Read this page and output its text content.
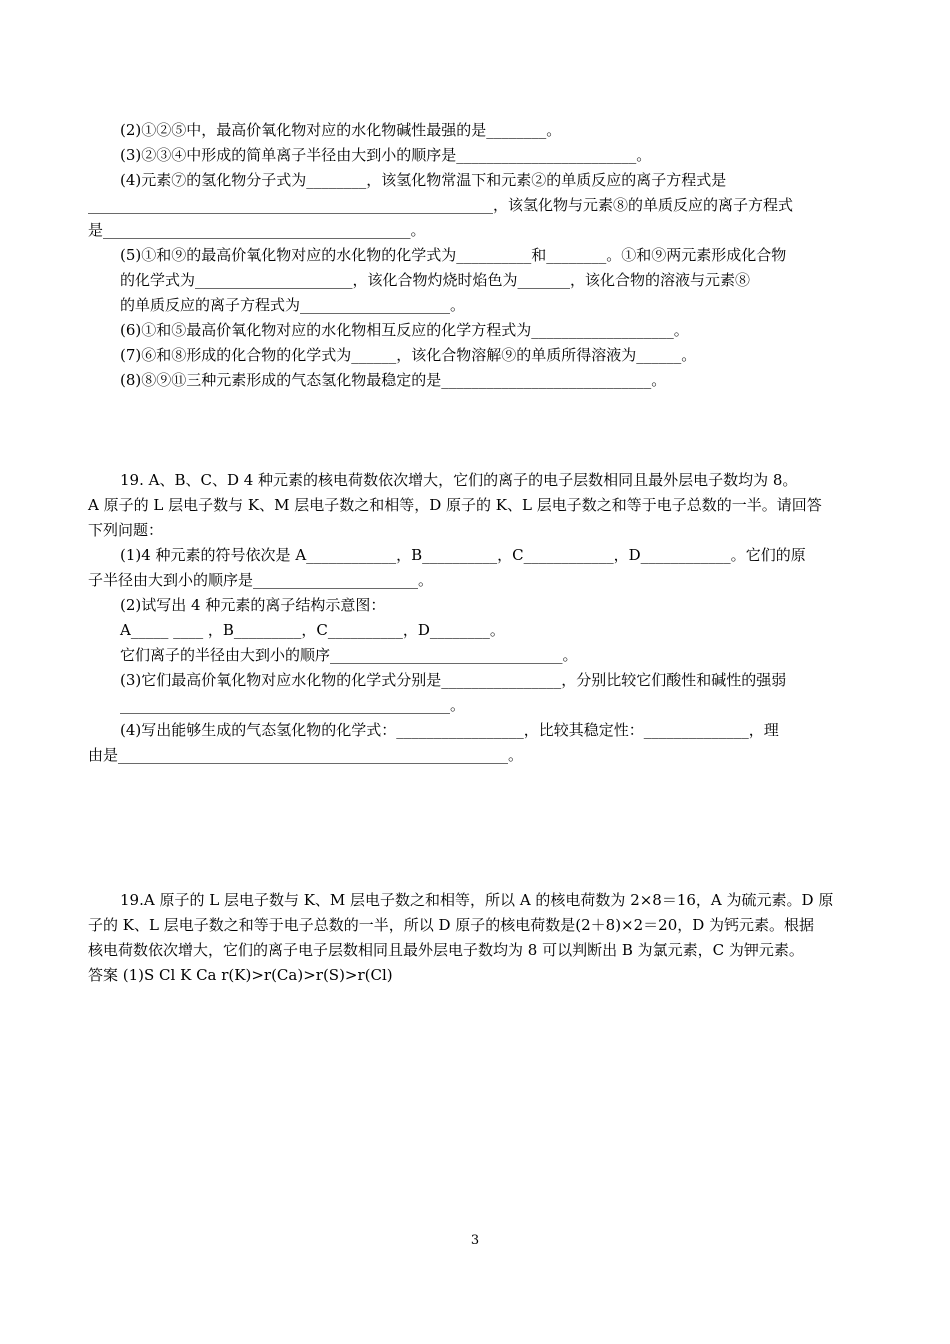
(2)①②⑤中，最高价氧化物对应的水化物碱性最强的是________。
(3)②③④中形成的简单离子半径由大到小的顺序是________________________。
(4)元素⑦的氢化物分子式为________，该氢化物常温下和元素②的单质反应的离子方程式是
______________________________________________________，该氢化物与元素⑧的单质反应的离子方程式
是_________________________________________。
(5)①和⑨的最高价氧化物对应的水化物的化学式为__________和________。①和⑨两元素形成化合物
的化学式为_____________________，该化合物灼烧时焰色为_______，该化合物的溶液与元素⑧
的单质反应的离子方程式为____________________。
(6)①和⑤最高价氧化物对应的水化物相互反应的化学方程式为___________________。
(7)⑥和⑧形成的化合物的化学式为______，该化合物溶解⑨的单质所得溶液为______。
(8)⑧⑨⑪三种元素形成的气态氢化物最稳定的是____________________________。
19. A、B、C、D 4 种元素的核电荷数依次增大，它们的离子的电子层数相同且最外层电子数均为 8。
A 原子的 L 层电子数与 K、M 层电子数之和相等，D 原子的 K、L 层电子数之和等于电子总数的一半。请回答
下列问题：
(1)4 种元素的符号依次是 A____________，B__________，C____________，D____________。它们的原
子半径由大到小的顺序是______________________。
(2)试写出 4 种元素的离子结构示意图：
A_____ ____ ，B_________，C__________，D________。
它们离子的半径由大到小的顺序_______________________________。
(3)它们最高价氧化物对应水化物的化学式分别是________________，分别比较它们酸性和碱性的强弱
____________________________________________。
(4)写出能够生成的气态氢化物的化学式：_________________，比较其稳定性：______________，理
由是____________________________________________________。
19.A 原子的 L 层电子数与 K、M 层电子数之和相等，所以 A 的核电荷数为 2×8＝16，A 为硫元素。D 原
子的 K、L 层电子数之和等于电子总数的一半，所以 D 原子的核电荷数是(2＋8)×2＝20，D 为钙元素。根据
核电荷数依次增大，它们的离子电子层数相同且最外层电子数均为 8 可以判断出 B 为氯元素，C 为钾元素。
答案 (1)S Cl K Ca r(K)>r(Ca)>r(S)>r(Cl)
3
